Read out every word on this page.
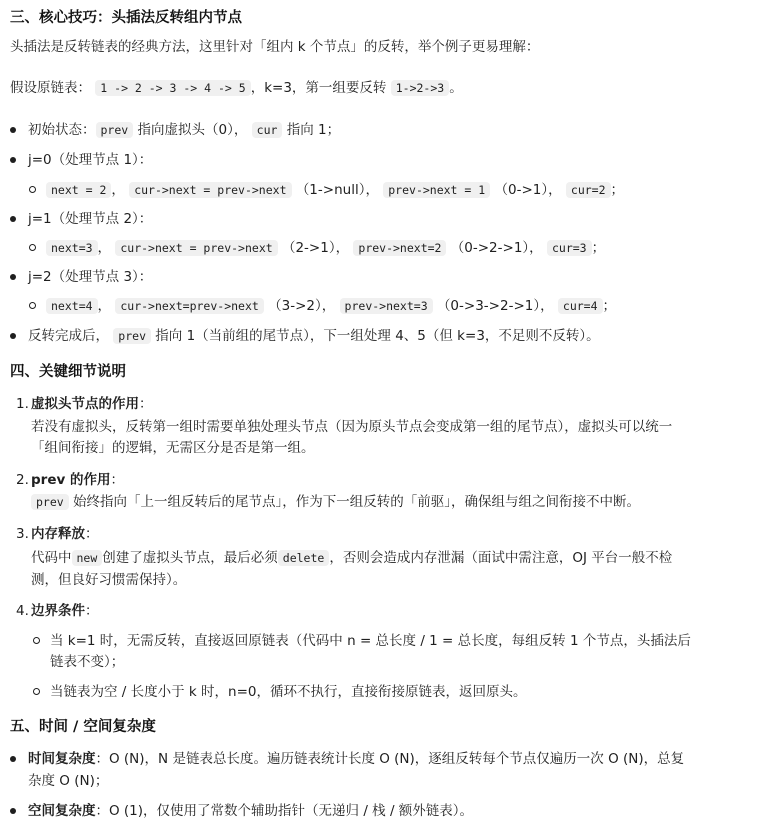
三、核心技巧：头插法反转组内节点
头插法是反转链表的经典方法，这里针对「组内 k 个节点」的反转，举个例子更易理解：
假设原链表： 1 -> 2 -> 3 -> 4 -> 5 ，k=3，第一组要反转 1->2->3 。
初始状态： prev 指向虚拟头（0）， cur 指向 1；
j=0（处理节点 1）：
next = 2 ， cur->next = prev->next （1->null）， prev->next = 1 （0->1）， cur=2 ；
j=1（处理节点 2）：
next=3 ， cur->next = prev->next （2->1）， prev->next=2 （0->2->1）， cur=3 ；
j=2（处理节点 3）：
next=4 ， cur->next=prev->next （3->2）， prev->next=3 （0->3->2->1）， cur=4 ；
反转完成后， prev 指向 1（当前组的尾节点），下一组处理 4、5（但 k=3，不足则不反转）。
四、关键细节说明
1. 虚拟头节点的作用：
若没有虚拟头，反转第一组时需要单独处理头节点（因为原头节点会变成第一组的尾节点），虚拟头可以统一
「组间衔接」的逻辑，无需区分是否是第一组。
2. prev 的作用：
prev 始终指向「上一组反转后的尾节点」，作为下一组反转的「前驱」，确保组与组之间衔接不中断。
3. 内存释放：
代码中 new 创建了虚拟头节点，最后必须 delete ，否则会造成内存泄漏（面试中需注意，OJ 平台一般不检
测，但良好习惯需保持）。
4. 边界条件：
当 k=1 时，无需反转，直接返回原链表（代码中 n = 总长度 / 1 = 总长度，每组反转 1 个节点，头插法后
链表不变）；
当链表为空 / 长度小于 k 时，n=0，循环不执行，直接衔接原链表，返回原头。
五、时间 / 空间复杂度
时间复杂度：O (N)，N 是链表总长度。遍历链表统计长度 O (N)，逐组反转每个节点仅遍历一次 O (N)，总复
杂度 O (N)；
空间复杂度：O (1)，仅使用了常数个辅助指针（无递归 / 栈 / 额外链表）。
